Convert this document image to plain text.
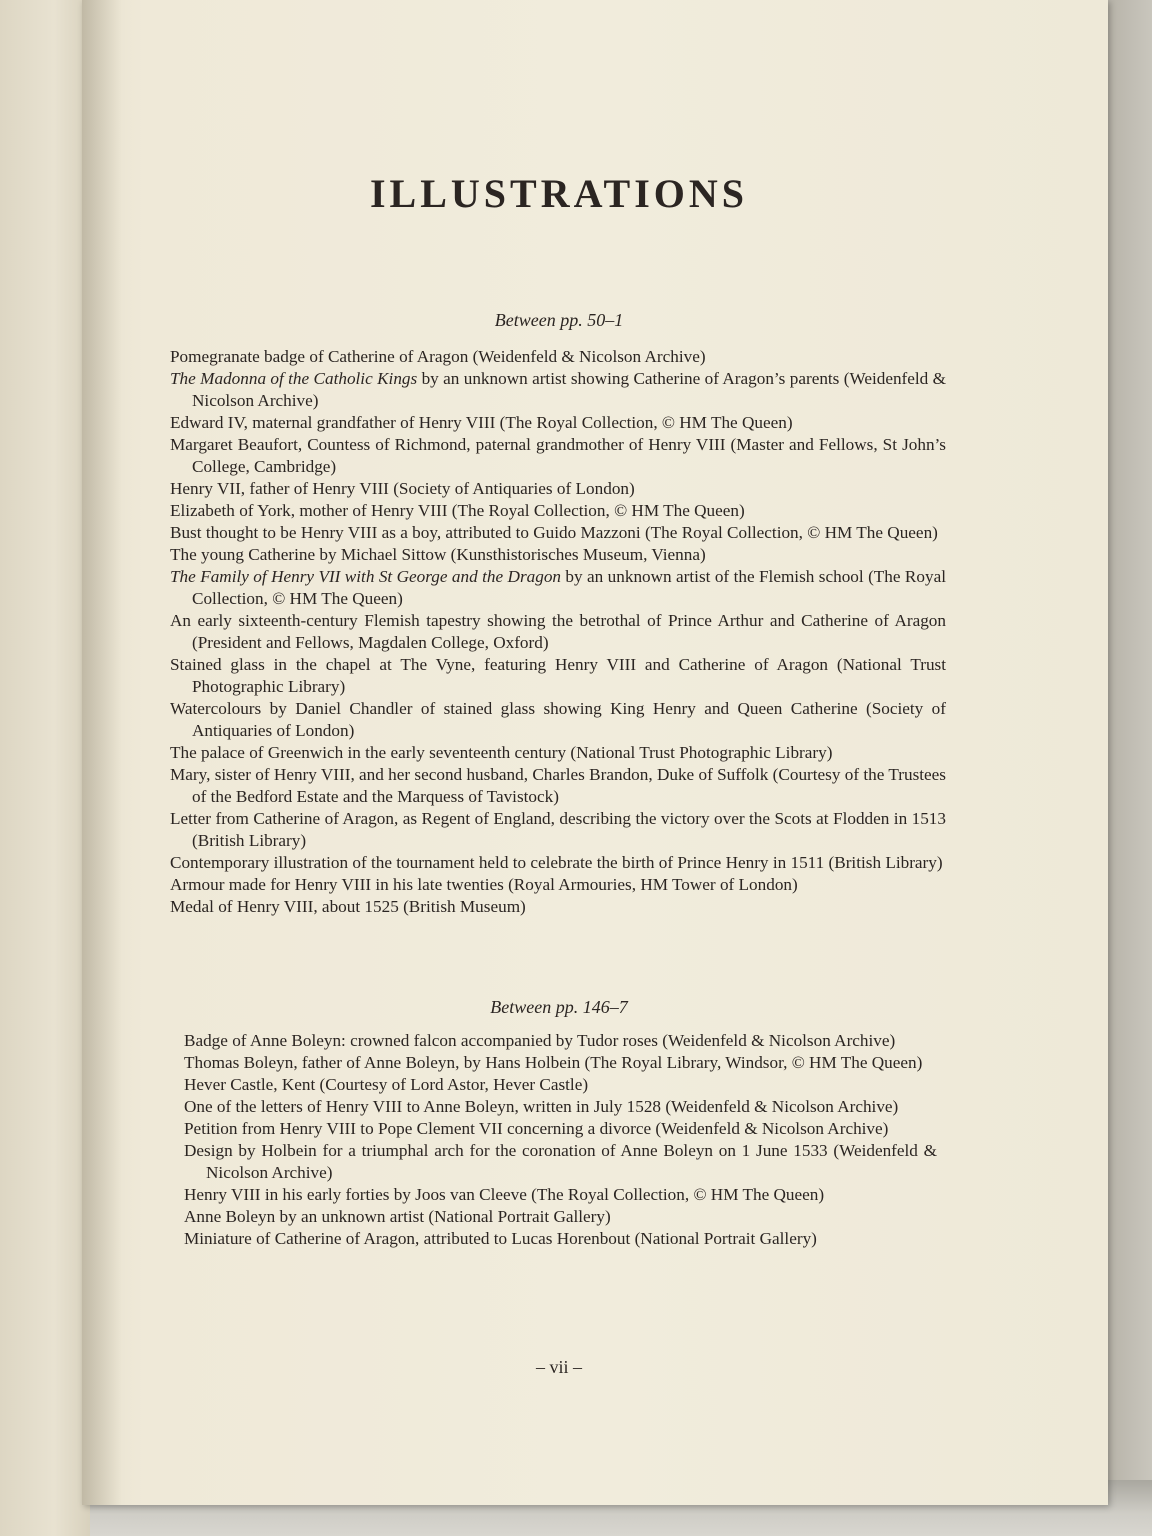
ILLUSTRATIONS
Between pp. 50–1
Pomegranate badge of Catherine of Aragon (Weidenfeld & Nicolson Archive)
The Madonna of the Catholic Kings by an unknown artist showing Catherine of Aragon’s parents (Weidenfeld & Nicolson Archive)
Edward IV, maternal grandfather of Henry VIII (The Royal Collection, © HM The Queen)
Margaret Beaufort, Countess of Richmond, paternal grandmother of Henry VIII (Master and Fellows, St John’s College, Cambridge)
Henry VII, father of Henry VIII (Society of Antiquaries of London)
Elizabeth of York, mother of Henry VIII (The Royal Collection, © HM The Queen)
Bust thought to be Henry VIII as a boy, attributed to Guido Mazzoni (The Royal Collection, © HM The Queen)
The young Catherine by Michael Sittow (Kunsthistorisches Museum, Vienna)
The Family of Henry VII with St George and the Dragon by an unknown artist of the Flemish school (The Royal Collection, © HM The Queen)
An early sixteenth-century Flemish tapestry showing the betrothal of Prince Arthur and Catherine of Aragon (President and Fellows, Magdalen College, Oxford)
Stained glass in the chapel at The Vyne, featuring Henry VIII and Catherine of Aragon (National Trust Photographic Library)
Watercolours by Daniel Chandler of stained glass showing King Henry and Queen Catherine (Society of Antiquaries of London)
The palace of Greenwich in the early seventeenth century (National Trust Photographic Library)
Mary, sister of Henry VIII, and her second husband, Charles Brandon, Duke of Suffolk (Courtesy of the Trustees of the Bedford Estate and the Marquess of Tavistock)
Letter from Catherine of Aragon, as Regent of England, describing the victory over the Scots at Flodden in 1513 (British Library)
Contemporary illustration of the tournament held to celebrate the birth of Prince Henry in 1511 (British Library)
Armour made for Henry VIII in his late twenties (Royal Armouries, HM Tower of London)
Medal of Henry VIII, about 1525 (British Museum)
Between pp. 146–7
Badge of Anne Boleyn: crowned falcon accompanied by Tudor roses (Weidenfeld & Nicolson Archive)
Thomas Boleyn, father of Anne Boleyn, by Hans Holbein (The Royal Library, Windsor, © HM The Queen)
Hever Castle, Kent (Courtesy of Lord Astor, Hever Castle)
One of the letters of Henry VIII to Anne Boleyn, written in July 1528 (Weidenfeld & Nicolson Archive)
Petition from Henry VIII to Pope Clement VII concerning a divorce (Weidenfeld & Nicolson Archive)
Design by Holbein for a triumphal arch for the coronation of Anne Boleyn on 1 June 1533 (Weidenfeld & Nicolson Archive)
Henry VIII in his early forties by Joos van Cleeve (The Royal Collection, © HM The Queen)
Anne Boleyn by an unknown artist (National Portrait Gallery)
Miniature of Catherine of Aragon, attributed to Lucas Horenbout (National Portrait Gallery)
– vii –
